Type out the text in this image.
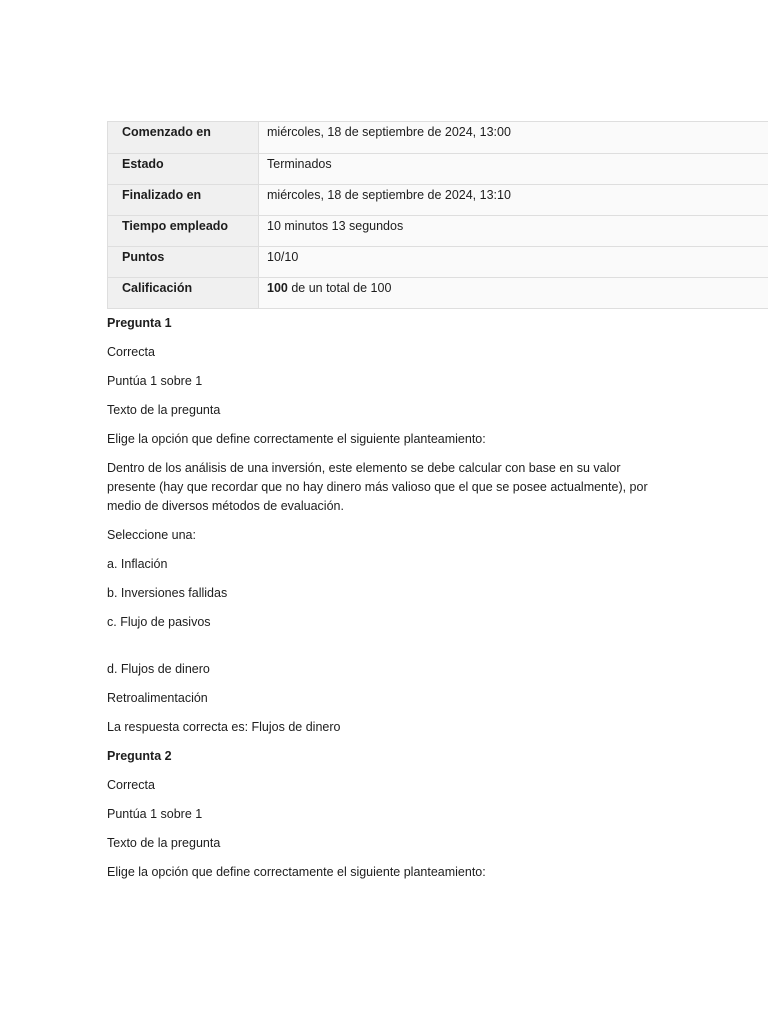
Comenzado en	miércoles, 18 de septiembre de 2024, 13:00
Estado	Terminados
Finalizado en	miércoles, 18 de septiembre de 2024, 13:10
Tiempo empleado	10 minutos 13 segundos
Puntos	10/10
Calificación	100 de un total de 100

Pregunta 1

Correcta

Puntúa 1 sobre 1

Texto de la pregunta

Elige la opción que define correctamente el siguiente planteamiento:

Dentro de los análisis de una inversión, este elemento se debe calcular con base en su valor presente (hay que recordar que no hay dinero más valioso que el que se posee actualmente), por medio de diversos métodos de evaluación.

Seleccione una:

a. Inflación

b. Inversiones fallidas

c. Flujo de pasivos

d. Flujos de dinero

Retroalimentación

La respuesta correcta es: Flujos de dinero

Pregunta 2

Correcta

Puntúa 1 sobre 1

Texto de la pregunta

Elige la opción que define correctamente el siguiente planteamiento:
